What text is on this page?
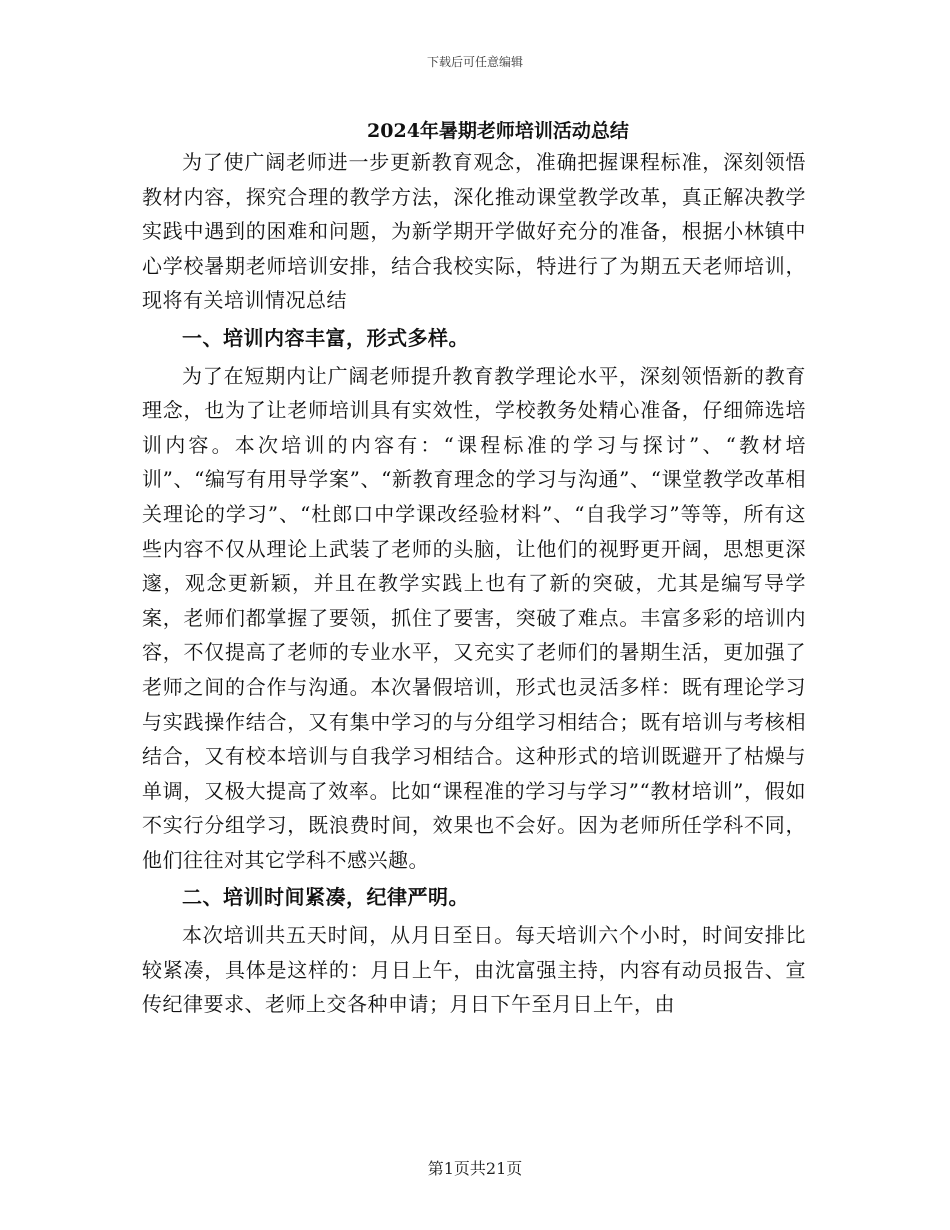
下载后可任意编辑
2024年暑期老师培训活动总结

为了使广阔老师进一步更新教育观念，准确把握课程标准，深刻领悟教材内容，探究合理的教学方法，深化推动课堂教学改革，真正解决教学实践中遇到的困难和问题，为新学期开学做好充分的准备，根据小林镇中心学校暑期老师培训安排，结合我校实际，特进行了为期五天老师培训，现将有关培训情况总结

一、培训内容丰富，形式多样。

为了在短期内让广阔老师提升教育教学理论水平，深刻领悟新的教育理念，也为了让老师培训具有实效性，学校教务处精心准备，仔细筛选培训内容。本次培训的内容有：“课程标准的学习与探讨”、“教材培训”、“编写有用导学案”、“新教育理念的学习与沟通”、“课堂教学改革相关理论的学习”、“杜郎口中学课改经验材料”、“自我学习”等等，所有这些内容不仅从理论上武装了老师的头脑，让他们的视野更开阔，思想更深邃，观念更新颖，并且在教学实践上也有了新的突破，尤其是编写导学案，老师们都掌握了要领，抓住了要害，突破了难点。丰富多彩的培训内容，不仅提高了老师的专业水平，又充实了老师们的暑期生活，更加强了老师之间的合作与沟通。本次暑假培训，形式也灵活多样：既有理论学习与实践操作结合，又有集中学习的与分组学习相结合；既有培训与考核相结合，又有校本培训与自我学习相结合。这种形式的培训既避开了枯燥与单调，又极大提高了效率。比如“课程准的学习与学习”“教材培训”，假如不实行分组学习，既浪费时间，效果也不会好。因为老师所任学科不同，他们往往对其它学科不感兴趣。

二、培训时间紧凑，纪律严明。

本次培训共五天时间，从月日至日。每天培训六个小时，时间安排比较紧凑，具体是这样的：月日上午，由沈富强主持，内容有动员报告、宣传纪律要求、老师上交各种申请；月日下午至月日上午，由

第1页共21页
